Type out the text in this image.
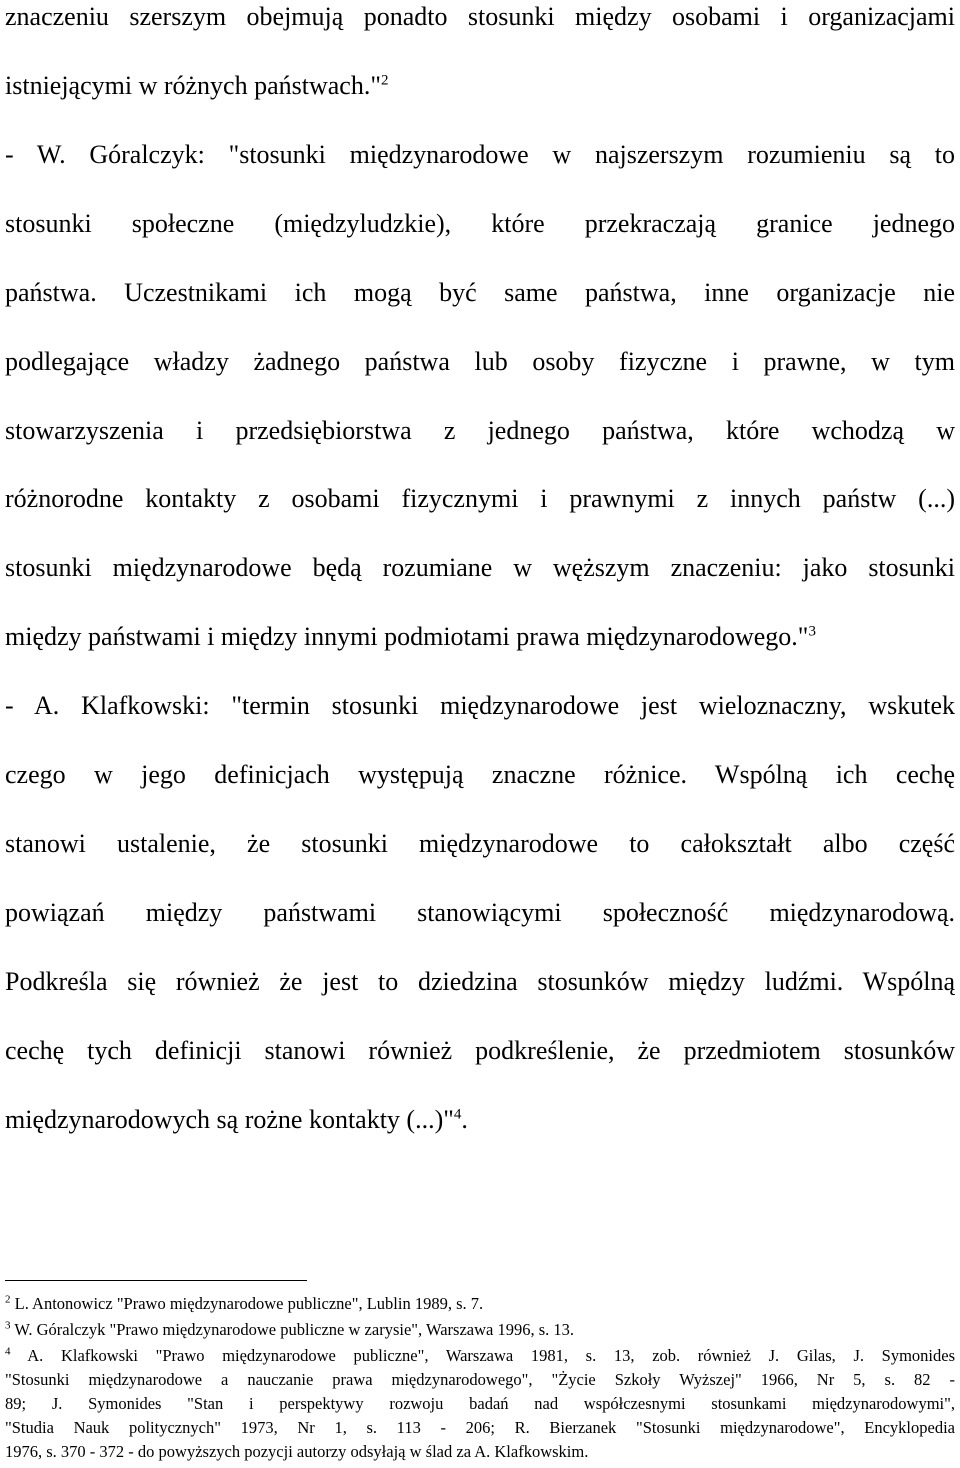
znaczeniu szerszym obejmują ponadto stosunki między osobami i organizacjami
istniejącymi w różnych państwach."$^2$
- W. Góralczyk: "stosunki międzynarodowe w najszerszym rozumieniu są to
stosunki społeczne (międzyludzkie), które przekraczają granice jednego
państwa. Uczestnikami ich mogą być same państwa, inne organizacje nie
podlegające władzy żadnego państwa lub osoby fizyczne i prawne, w tym
stowarzyszenia i przedsiębiorstwa z jednego państwa, które wchodzą w
różnorodne kontakty z osobami fizycznymi i prawnymi z innych państw (...)
stosunki międzynarodowe będą rozumiane w węższym znaczeniu: jako stosunki
między państwami i między innymi podmiotami prawa międzynarodowego."$^3$
- A. Klafkowski: "termin stosunki międzynarodowe jest wieloznaczny, wskutek
czego w jego definicjach występują znaczne różnice. Wspólną ich cechę
stanowi ustalenie, że stosunki międzynarodowe to całokształt albo część
powiązań między państwami stanowiącymi społeczność międzynarodową.
Podkreśla się również że jest to dziedzina stosunków między ludźmi. Wspólną
cechę tych definicji stanowi również podkreślenie, że przedmiotem stosunków
międzynarodowych są rożne kontakty (...)"$^4$.
$^2$ L. Antonowicz "Prawo międzynarodowe publiczne", Lublin 1989, s. 7.
$^3$ W. Góralczyk "Prawo międzynarodowe publiczne w zarysie", Warszawa 1996, s. 13.
$^4$ A. Klafkowski "Prawo międzynarodowe publiczne", Warszawa 1981, s. 13, zob. również J. Gilas, J. Symonides
"Stosunki międzynarodowe a nauczanie prawa międzynarodowego", "Życie Szkoły Wyższej" 1966, Nr 5, s. 82 -
89; J. Symonides "Stan i perspektywy rozwoju badań nad współczesnymi stosunkami międzynarodowymi",
"Studia Nauk politycznych" 1973, Nr 1, s. 113 - 206; R. Bierzanek "Stosunki międzynarodowe", Encyklopedia
1976, s. 370 - 372 - do powyższych pozycji autorzy odsyłają w ślad za A. Klafkowskim.
